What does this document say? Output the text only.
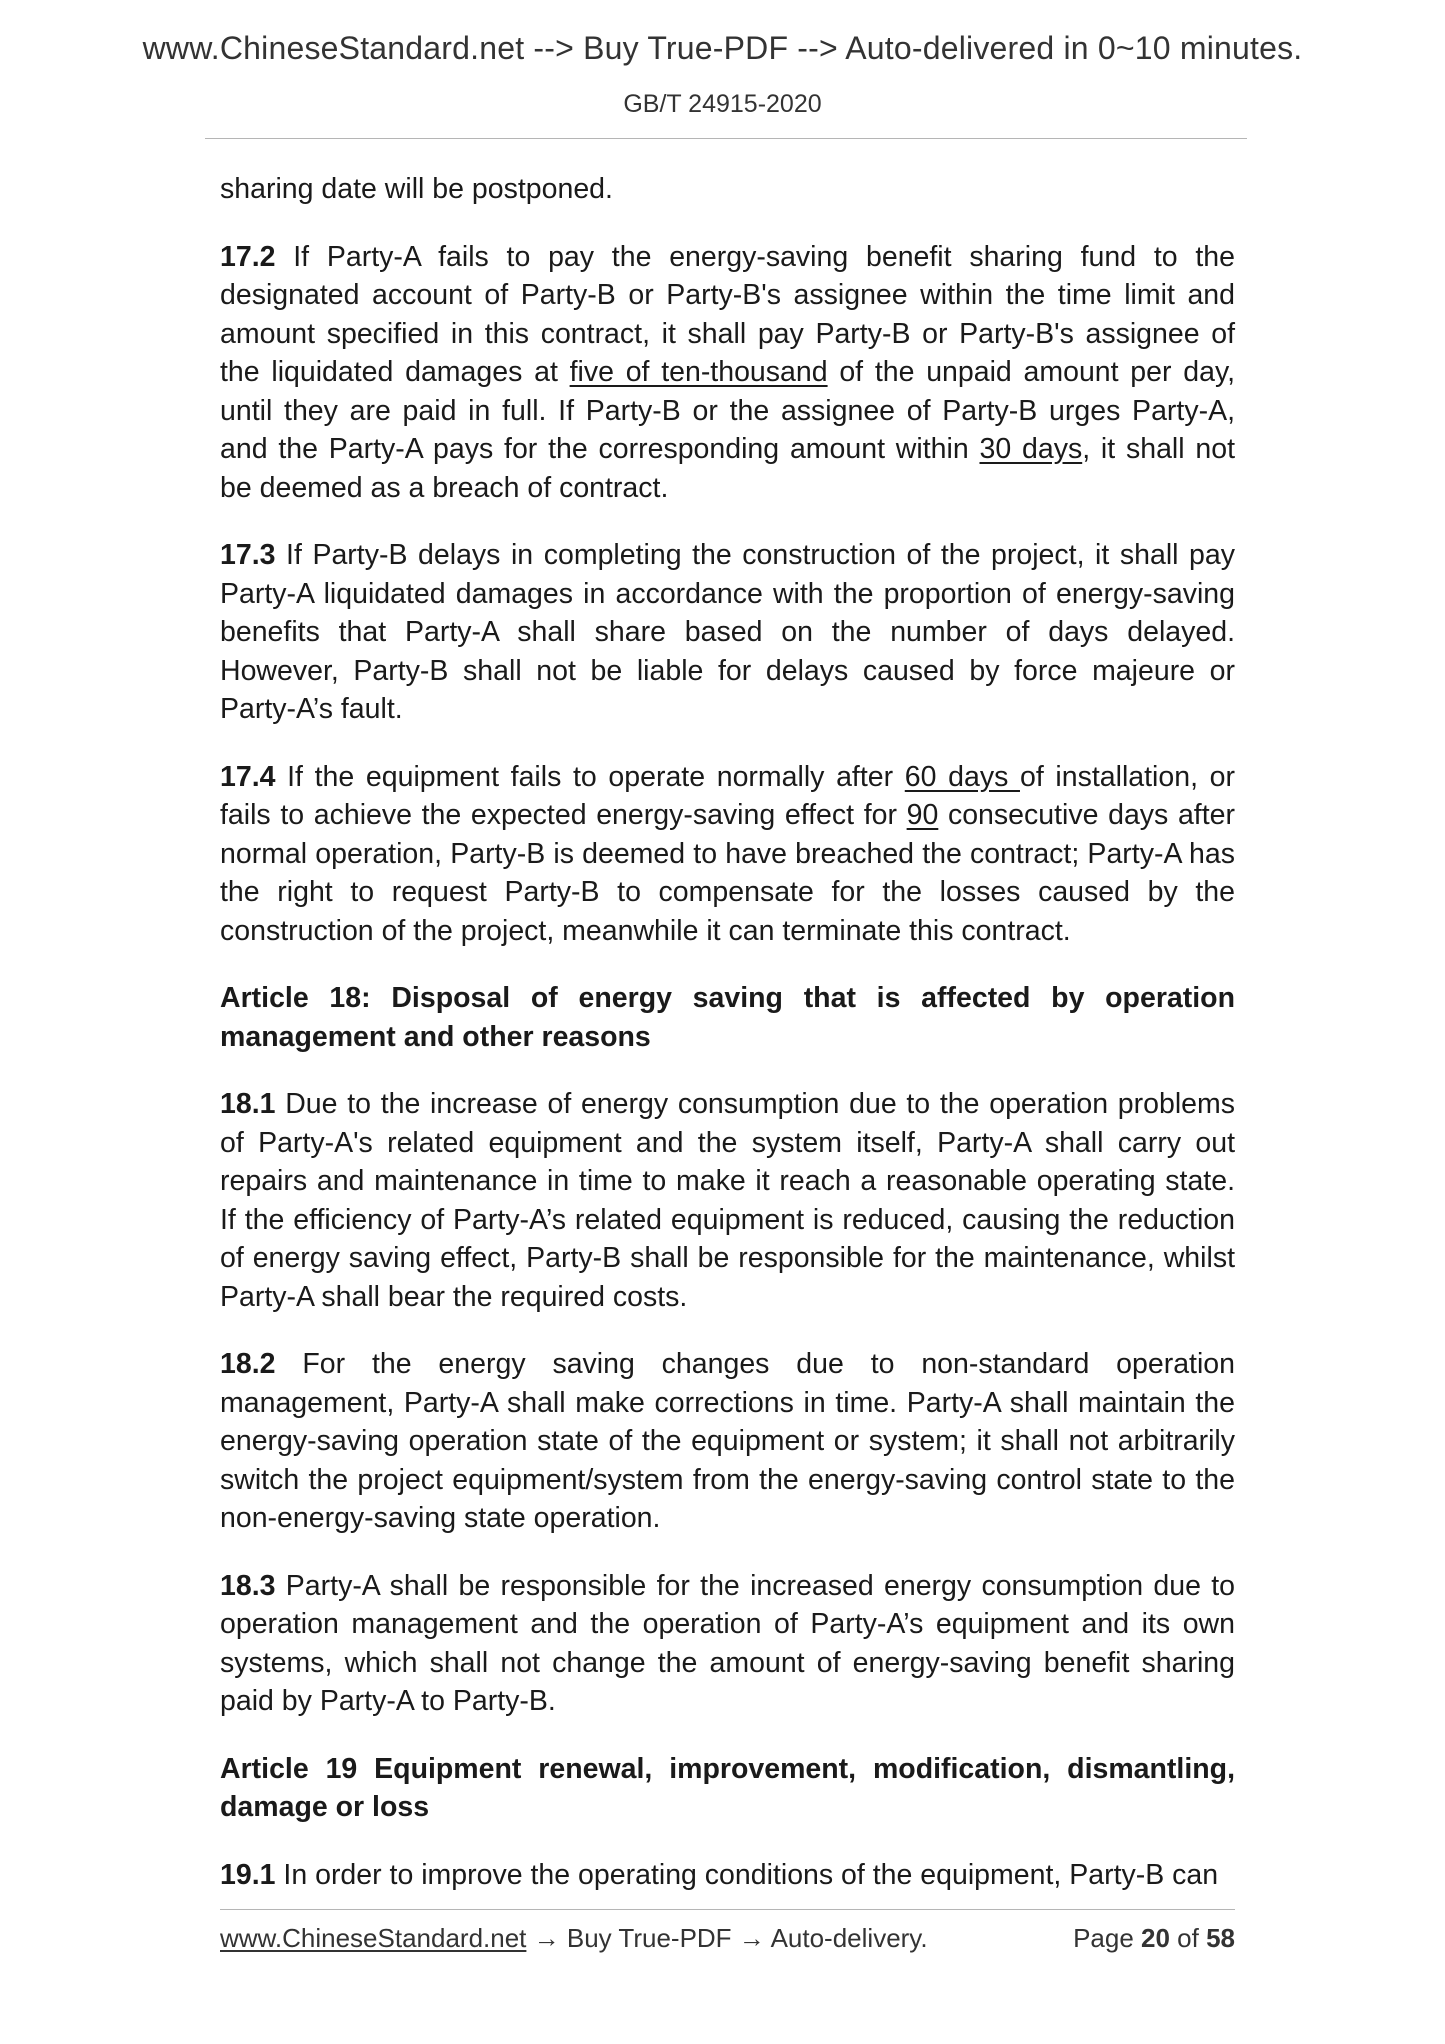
www.ChineseStandard.net --> Buy True-PDF --> Auto-delivered in 0~10 minutes.
GB/T 24915-2020

sharing date will be postponed.

17.2 If Party-A fails to pay the energy-saving benefit sharing fund to the designated account of Party-B or Party-B's assignee within the time limit and amount specified in this contract, it shall pay Party-B or Party-B's assignee of the liquidated damages at five of ten-thousand of the unpaid amount per day, until they are paid in full. If Party-B or the assignee of Party-B urges Party-A, and the Party-A pays for the corresponding amount within 30 days, it shall not be deemed as a breach of contract.

17.3 If Party-B delays in completing the construction of the project, it shall pay Party-A liquidated damages in accordance with the proportion of energy-saving benefits that Party-A shall share based on the number of days delayed. However, Party-B shall not be liable for delays caused by force majeure or Party-A’s fault.

17.4 If the equipment fails to operate normally after 60 days of installation, or fails to achieve the expected energy-saving effect for 90 consecutive days after normal operation, Party-B is deemed to have breached the contract; Party-A has the right to request Party-B to compensate for the losses caused by the construction of the project, meanwhile it can terminate this contract.

Article 18: Disposal of energy saving that is affected by operation management and other reasons

18.1 Due to the increase of energy consumption due to the operation problems of Party-A's related equipment and the system itself, Party-A shall carry out repairs and maintenance in time to make it reach a reasonable operating state. If the efficiency of Party-A’s related equipment is reduced, causing the reduction of energy saving effect, Party-B shall be responsible for the maintenance, whilst Party-A shall bear the required costs.

18.2 For the energy saving changes due to non-standard operation management, Party-A shall make corrections in time. Party-A shall maintain the energy-saving operation state of the equipment or system; it shall not arbitrarily switch the project equipment/system from the energy-saving control state to the non-energy-saving state operation.

18.3 Party-A shall be responsible for the increased energy consumption due to operation management and the operation of Party-A’s equipment and its own systems, which shall not change the amount of energy-saving benefit sharing paid by Party-A to Party-B.

Article 19 Equipment renewal, improvement, modification, dismantling, damage or loss

19.1 In order to improve the operating conditions of the equipment, Party-B can

www.ChineseStandard.net → Buy True-PDF → Auto-delivery.	Page 20 of 58
